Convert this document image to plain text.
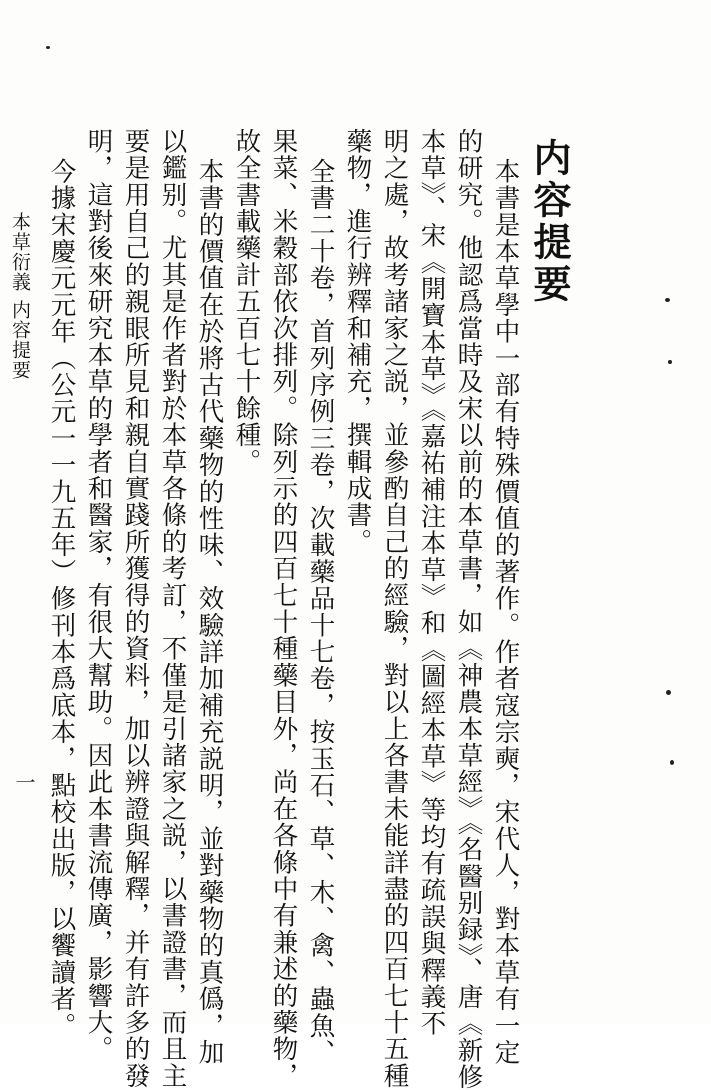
内容提要
本書是本草學中一部有特殊價值的著作。作者寇宗奭，宋代人，對本草有一定
的研究。他認爲當時及宋以前的本草書，如《神農本草經》《名醫别録》、唐《新修
本草》、宋《開寶本草》《嘉祐補注本草》和《圖經本草》等均有疏誤與釋義不
明之處，故考諸家之説，並參酌自己的經驗，對以上各書未能詳盡的四百七十五種
藥物，進行辨釋和補充，撰輯成書。
全書二十卷，首列序例三卷，次載藥品十七卷，按玉石、草、木、禽、蟲魚、
果菜、米穀部依次排列。除列示的四百七十種藥目外，尚在各條中有兼述的藥物，
故全書載藥計五百七十餘種。
本書的價值在於將古代藥物的性味、效驗詳加補充説明，並對藥物的真僞，加
以鑑别。尤其是作者對於本草各條的考訂，不僅是引諸家之説，以書證書，而且主
要是用自己的親眼所見和親自實踐所獲得的資料，加以辨證與解釋，并有許多的發
明，這對後來研究本草的學者和醫家，有很大幫助。因此本書流傳廣，影響大。
今據宋慶元元年（公元一一九五年）修刊本爲底本，點校出版，以饗讀者。
本草衍義
内容提要
一
